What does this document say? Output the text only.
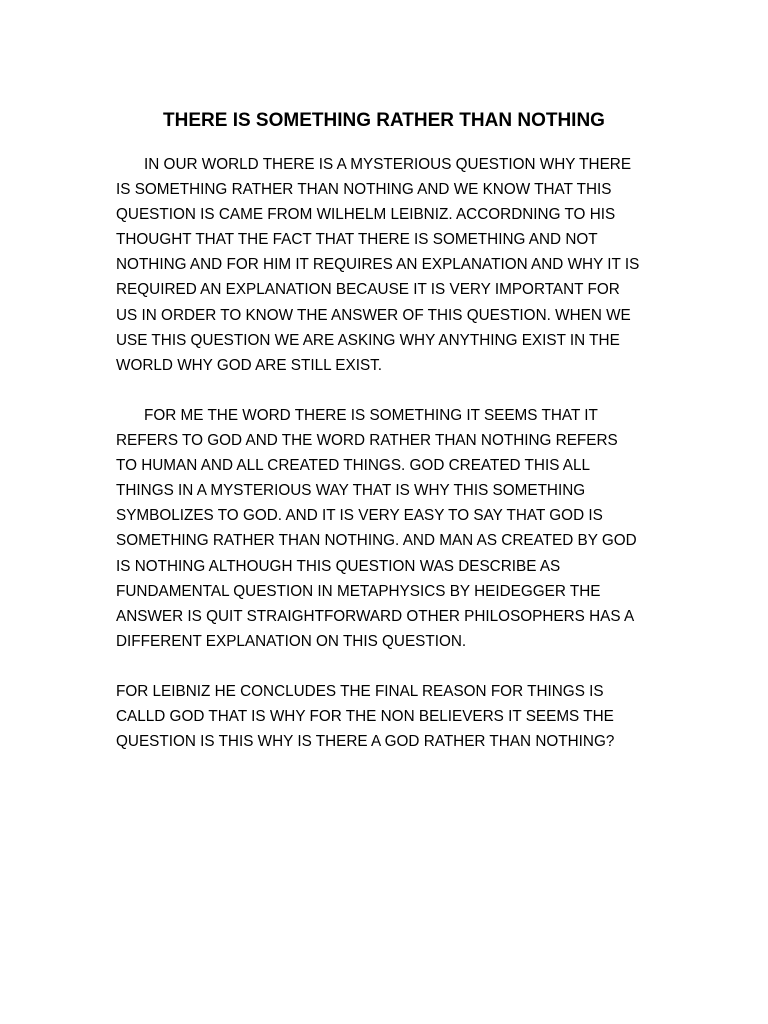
THERE IS SOMETHING RATHER THAN NOTHING

IN OUR WORLD THERE IS A MYSTERIOUS QUESTION WHY THERE
IS SOMETHING RATHER THAN NOTHING AND WE KNOW THAT THIS
QUESTION IS CAME FROM WILHELM LEIBNIZ. ACCORDNING TO HIS
THOUGHT THAT THE FACT THAT THERE IS SOMETHING AND NOT
NOTHING AND FOR HIM IT REQUIRES AN EXPLANATION AND WHY IT IS
REQUIRED AN EXPLANATION BECAUSE IT IS VERY IMPORTANT FOR
US IN ORDER TO KNOW THE ANSWER OF THIS QUESTION. WHEN WE
USE THIS QUESTION WE ARE ASKING WHY ANYTHING EXIST IN THE
WORLD WHY GOD ARE STILL EXIST.

FOR ME THE WORD THERE IS SOMETHING IT SEEMS THAT IT
REFERS TO GOD AND THE WORD RATHER THAN NOTHING REFERS
TO HUMAN AND ALL CREATED THINGS. GOD CREATED THIS ALL
THINGS IN A MYSTERIOUS WAY THAT IS WHY THIS SOMETHING
SYMBOLIZES TO GOD. AND IT IS VERY EASY TO SAY THAT GOD IS
SOMETHING RATHER THAN NOTHING. AND MAN AS CREATED BY GOD
IS NOTHING ALTHOUGH THIS QUESTION WAS DESCRIBE AS
FUNDAMENTAL QUESTION IN METAPHYSICS BY HEIDEGGER THE
ANSWER IS QUIT STRAIGHTFORWARD OTHER PHILOSOPHERS HAS A
DIFFERENT EXPLANATION ON THIS QUESTION.

FOR LEIBNIZ HE CONCLUDES THE FINAL REASON FOR THINGS IS
CALLD GOD THAT IS WHY FOR THE NON BELIEVERS IT SEEMS THE
QUESTION IS THIS WHY IS THERE A GOD RATHER THAN NOTHING?
